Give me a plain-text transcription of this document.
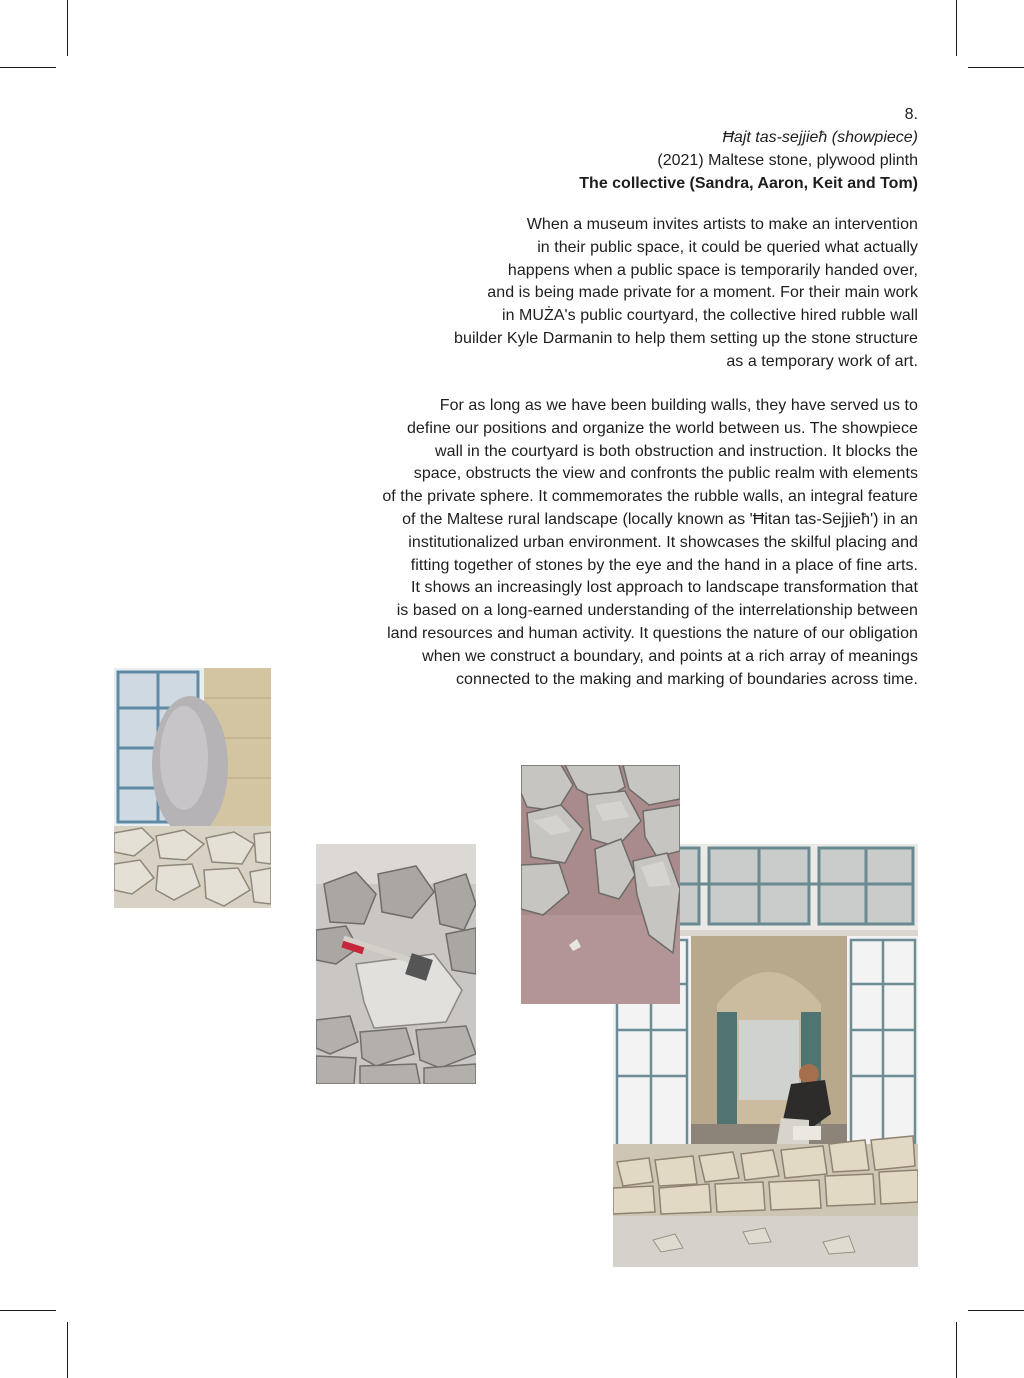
8.
Ħajt tas-sejjieħ (showpiece)
(2021) Maltese stone, plywood plinth
The collective (Sandra, Aaron, Keit and Tom)
When a museum invites artists to make an intervention
in their public space, it could be queried what actually
happens when a public space is temporarily handed over,
and is being made private for a moment. For their main work
in MUŻA's public courtyard, the collective hired rubble wall
builder Kyle Darmanin to help them setting up the stone structure
as a temporary work of art.
For as long as we have been building walls, they have served us to
define our positions and organize the world between us. The showpiece
wall in the courtyard is both obstruction and instruction. It blocks the
space, obstructs the view and confronts the public realm with elements
of the private sphere. It commemorates the rubble walls, an integral feature
of the Maltese rural landscape (locally known as 'Ħitan tas-Sejjieħ') in an
institutionalized urban environment. It showcases the skilful placing and
fitting together of stones by the eye and the hand in a place of fine arts.
It shows an increasingly lost approach to landscape transformation that
is based on a long-earned understanding of the interrelationship between
land resources and human activity. It questions the nature of our obligation
when we construct a boundary, and points at a rich array of meanings
connected to the making and marking of boundaries across time.
